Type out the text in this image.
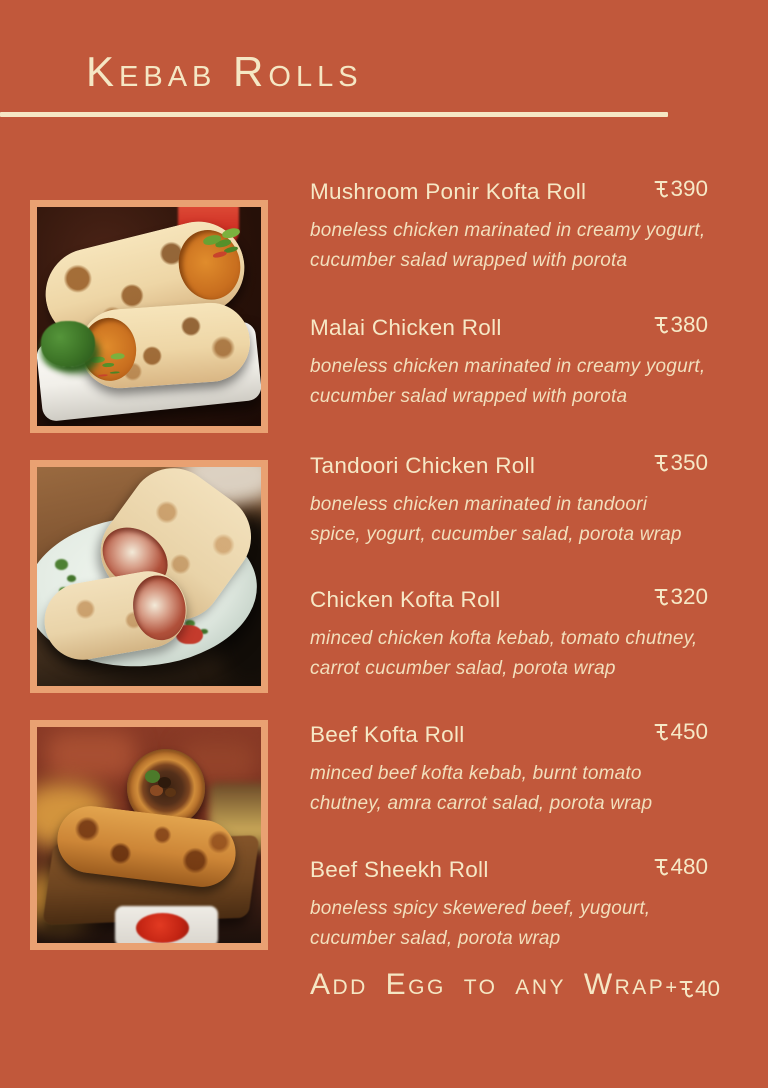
Kebab Rolls
Mushroom Ponir Kofta Roll	390
boneless chicken marinated in creamy yogurt,
cucumber salad wrapped with porota
Malai Chicken Roll	380
boneless chicken marinated in creamy yogurt,
cucumber salad wrapped with porota
Tandoori Chicken Roll	350
boneless chicken marinated in tandoori
spice, yogurt, cucumber salad, porota wrap
Chicken Kofta Roll	320
minced chicken kofta kebab, tomato chutney,
carrot cucumber salad, porota wrap
Beef Kofta Roll	450
minced beef kofta kebab, burnt tomato
chutney, amra carrot salad, porota wrap
Beef Sheekh Roll	480
boneless spicy skewered beef, yugourt,
cucumber salad, porota wrap
Add Egg to any Wrap + 40
